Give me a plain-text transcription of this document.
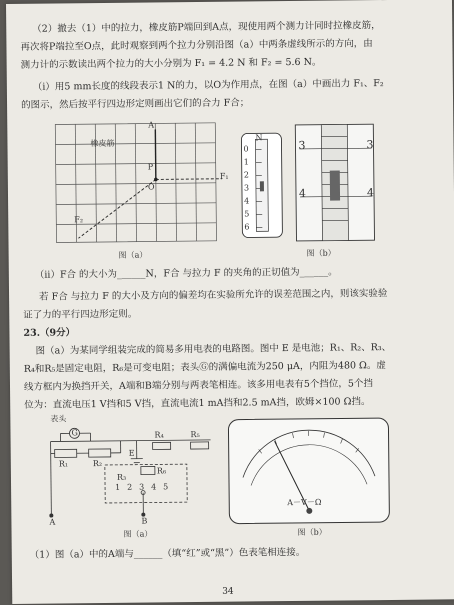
（2）撤去（1）中的拉力，橡皮筋P端回到A点，现使用两个测力计同时拉橡皮筋，
再次将P端拉至O点，此时观察到两个拉力分别沿图（a）中两条虚线所示的方向，由
测力计的示数读出两个拉力的大小分别为 F₁ = 4.2 N 和 F₂ = 5.6 N。
（i）用5 mm长度的线段表示1 N的力，以O为作用点，在图（a）中画出力 F₁、F₂
的图示，然后按平行四边形定则画出它们的合力 F合；
A
橡皮筋
P
O
F₁
F₂
图（a）
N
0
1
2
3
4
5
6
3	3
4	4
图（b）
（ii）F合 的大小为______N，F合 与拉力 F 的夹角的正切值为______。
若 F合 与拉力 F 的大小及方向的偏差均在实验所允许的误差范围之内，则该实验验
证了力的平行四边形定则。
23.（9分）
图（a）为某同学组装完成的简易多用电表的电路图。图中 E 是电池；R₁、R₂、R₃、
R₄和R₅是固定电阻，R₆是可变电阻；表头Ⓖ的满偏电流为250 μA，内阻为480 Ω。虚
线方框内为换挡开关，A端和B端分别与两表笔相连。该多用电表有5个挡位，5个挡
位为：直流电压1 V挡和5 V挡，直流电流1 mA挡和2.5 mA挡，欧姆×100 Ω挡。
表头
G
R₁	R₂
R₃
R₄	R₅
R₆
E
A	B
1 2 3 4 5
图（a）
A－V－Ω
图（b）
（1）图（a）中的A端与______（填“红”或“黑”）色表笔相连接。
34
